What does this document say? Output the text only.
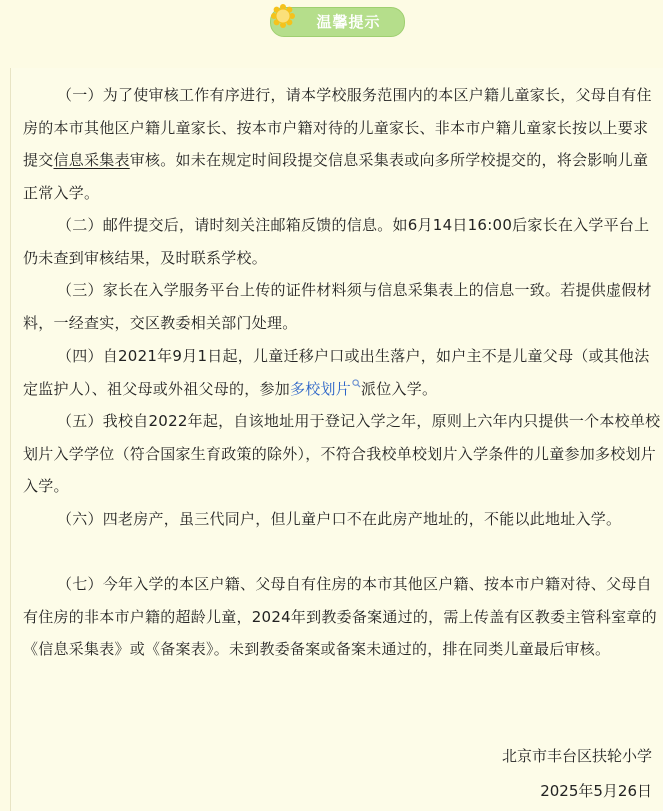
温馨提示
（一）为了使审核工作有序进行，请本学校服务范围内的本区户籍儿童家长，父母自有住房的本市其他区户籍儿童家长、按本市户籍对待的儿童家长、非本市户籍儿童家长按以上要求提交信息采集表审核。如未在规定时间段提交信息采集表或向多所学校提交的，将会影响儿童正常入学。
（二）邮件提交后，请时刻关注邮箱反馈的信息。如6月14日16:00后家长在入学平台上仍未查到审核结果，及时联系学校。
（三）家长在入学服务平台上传的证件材料须与信息采集表上的信息一致。若提供虚假材料，一经查实，交区教委相关部门处理。
（四）自2021年9月1日起，儿童迁移户口或出生落户，如户主不是儿童父母（或其他法定监护人）、祖父母或外祖父母的，参加多校划片 派位入学。
（五）我校自2022年起，自该地址用于登记入学之年，原则上六年内只提供一个本校单校划片入学学位（符合国家生育政策的除外），不符合我校单校划片入学条件的儿童参加多校划片入学。
（六）四老房产，虽三代同户，但儿童户口不在此房产地址的，不能以此地址入学。
（七）今年入学的本区户籍、父母自有住房的本市其他区户籍、按本市户籍对待、父母自有住房的非本市户籍的超龄儿童，2024年到教委备案通过的，需上传盖有区教委主管科室章的《信息采集表》或《备案表》。未到教委备案或备案未通过的，排在同类儿童最后审核。
北京市丰台区扶轮小学
2025年5月26日
